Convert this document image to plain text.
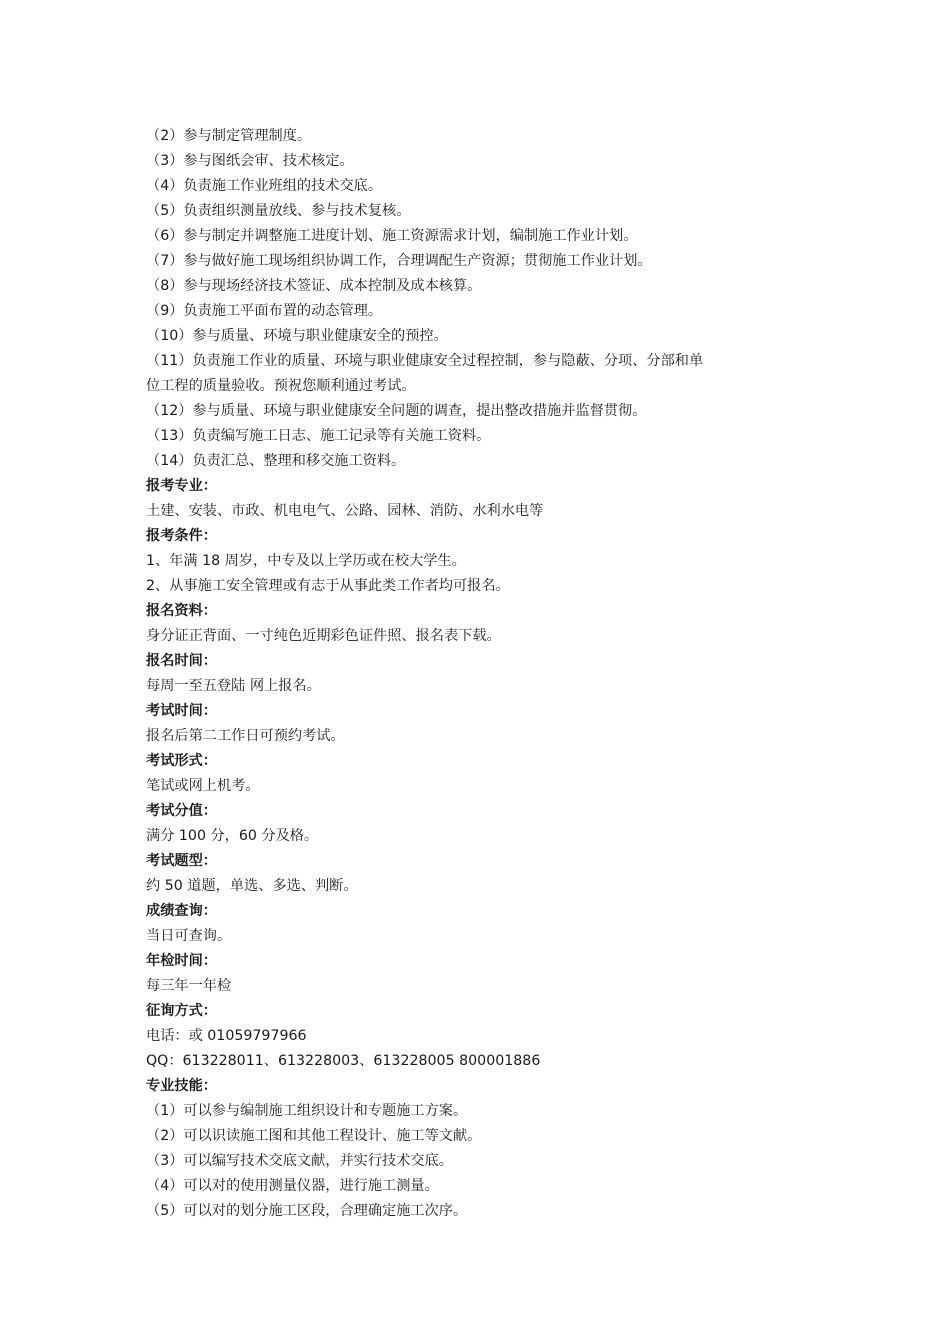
（2）参与制定管理制度。
（3）参与图纸会审、技术核定。
（4）负责施工作业班组的技术交底。
（5）负责组织测量放线、参与技术复核。
（6）参与制定并调整施工进度计划、施工资源需求计划，编制施工作业计划。
（7）参与做好施工现场组织协调工作，合理调配生产资源；贯彻施工作业计划。
（8）参与现场经济技术签证、成本控制及成本核算。
（9）负责施工平面布置的动态管理。
（10）参与质量、环境与职业健康安全的预控。
（11）负责施工作业的质量、环境与职业健康安全过程控制，参与隐蔽、分项、分部和单
位工程的质量验收。预祝您顺利通过考试。
（12）参与质量、环境与职业健康安全问题的调查，提出整改措施并监督贯彻。
（13）负责编写施工日志、施工记录等有关施工资料。
（14）负责汇总、整理和移交施工资料。
报考专业：
土建、安装、市政、机电电气、公路、园林、消防、水利水电等
报考条件：
1、年满 18 周岁，中专及以上学历或在校大学生。
2、从事施工安全管理或有志于从事此类工作者均可报名。
报名资料：
身分证正背面、一寸纯色近期彩色证件照、报名表下载。
报名时间：
每周一至五登陆 网上报名。
考试时间：
报名后第二工作日可预约考试。
考试形式：
笔试或网上机考。
考试分值：
满分 100 分，60 分及格。
考试题型：
约 50 道题，单选、多选、判断。
成绩查询：
当日可查询。
年检时间：
每三年一年检
征询方式：
电话：或 01059797966
QQ：613228011、613228003、613228005 800001886
专业技能：
（1）可以参与编制施工组织设计和专题施工方案。
（2）可以识读施工图和其他工程设计、施工等文献。
（3）可以编写技术交底文献，并实行技术交底。
（4）可以对的使用测量仪器，进行施工测量。
（5）可以对的划分施工区段，合理确定施工次序。
